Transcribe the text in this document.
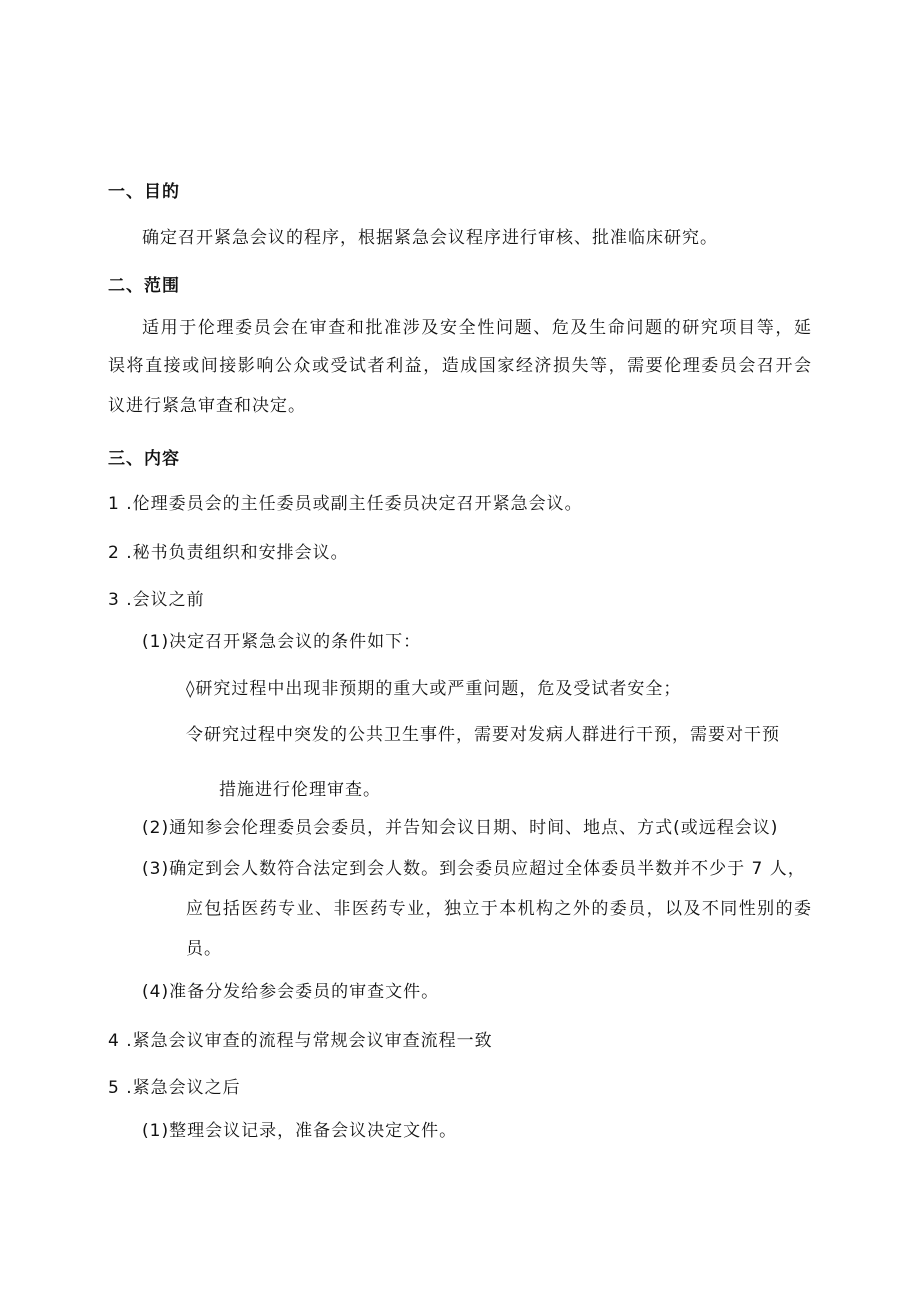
一、目的
确定召开紧急会议的程序，根据紧急会议程序进行审核、批准临床研究。
二、范围
适用于伦理委员会在审查和批准涉及安全性问题、危及生命问题的研究项目等，延
误将直接或间接影响公众或受试者利益，造成国家经济损失等，需要伦理委员会召开会
议进行紧急审查和决定。
三、内容
1 .伦理委员会的主任委员或副主任委员决定召开紧急会议。
2 .秘书负责组织和安排会议。
3 .会议之前
(1)决定召开紧急会议的条件如下：
◊研究过程中出现非预期的重大或严重问题，危及受试者安全；
令研究过程中突发的公共卫生事件，需要对发病人群进行干预，需要对干预
措施进行伦理审查。
(2)通知参会伦理委员会委员，并告知会议日期、时间、地点、方式(或远程会议)
(3)确定到会人数符合法定到会人数。到会委员应超过全体委员半数并不少于 7 人，
应包括医药专业、非医药专业，独立于本机构之外的委员，以及不同性别的委
员。
(4)准备分发给参会委员的审查文件。
4 .紧急会议审查的流程与常规会议审查流程一致
5 .紧急会议之后
(1)整理会议记录，准备会议决定文件。
